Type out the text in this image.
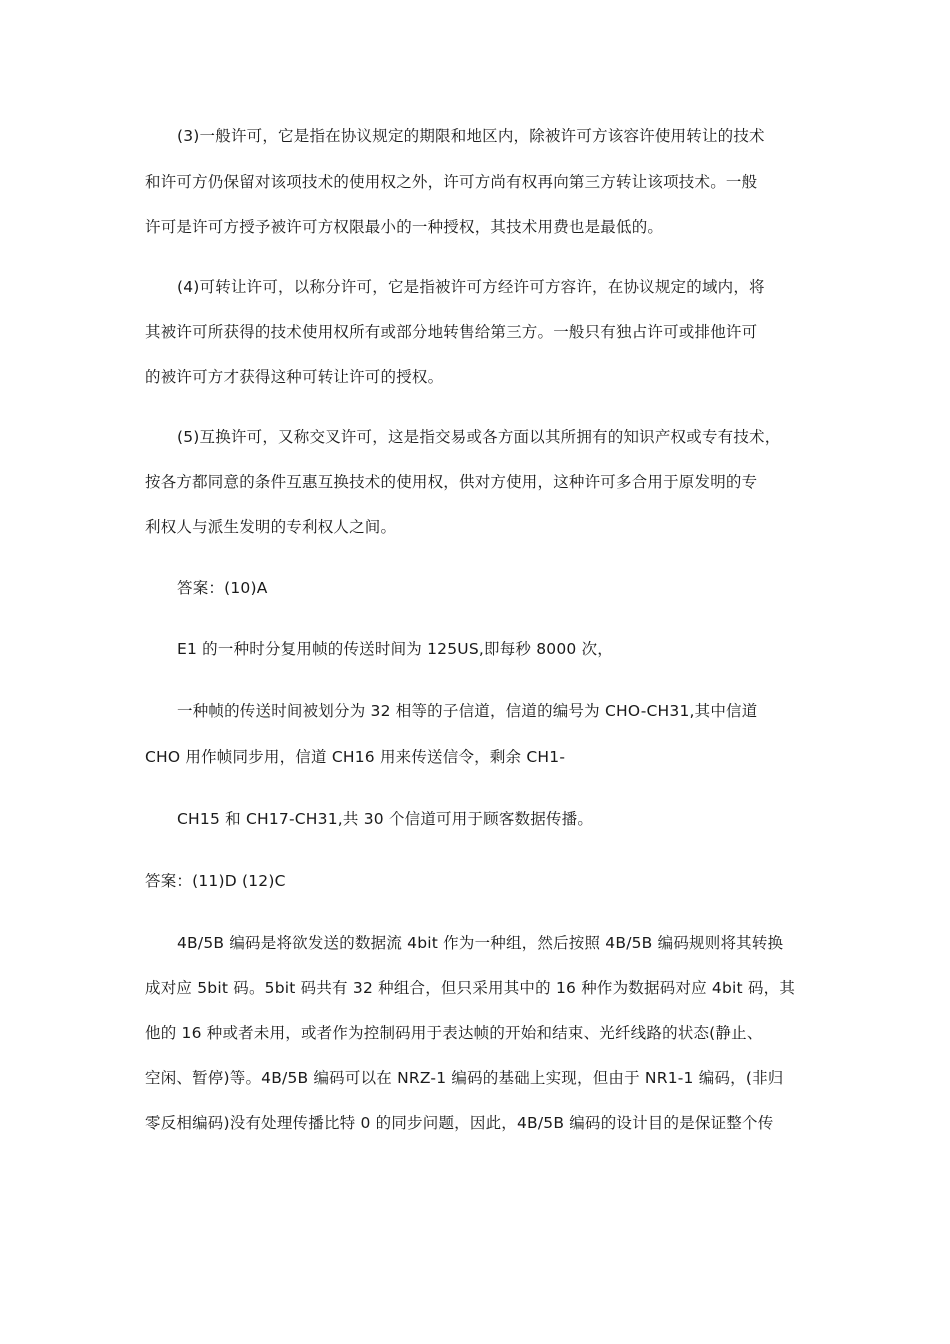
(3)一般许可，它是指在协议规定的期限和地区内，除被许可方该容许使用转让的技术
和许可方仍保留对该项技术的使用权之外，许可方尚有权再向第三方转让该项技术。一般
许可是许可方授予被许可方权限最小的一种授权，其技术用费也是最低的。
(4)可转让许可，以称分许可，它是指被许可方经许可方容许，在协议规定的域内，将
其被许可所获得的技术使用权所有或部分地转售给第三方。一般只有独占许可或排他许可
的被许可方才获得这种可转让许可的授权。
(5)互换许可，又称交叉许可，这是指交易或各方面以其所拥有的知识产权或专有技术，
按各方都同意的条件互惠互换技术的使用权，供对方使用，这种许可多合用于原发明的专
利权人与派生发明的专利权人之间。
答案：(10)A
E1 的一种时分复用帧的传送时间为 125US,即每秒 8000 次，
一种帧的传送时间被划分为 32 相等的子信道，信道的编号为 CHO-CH31,其中信道
CHO 用作帧同步用，信道 CH16 用来传送信令，剩余 CH1-
CH15 和 CH17-CH31,共 30 个信道可用于顾客数据传播。
答案：(11)D (12)C
4B/5B 编码是将欲发送的数据流 4bit 作为一种组，然后按照 4B/5B 编码规则将其转换
成对应 5bit 码。5bit 码共有 32 种组合，但只采用其中的 16 种作为数据码对应 4bit 码，其
他的 16 种或者未用，或者作为控制码用于表达帧的开始和结束、光纤线路的状态(静止、
空闲、暂停)等。4B/5B 编码可以在 NRZ-1 编码的基础上实现，但由于 NR1-1 编码，(非归
零反相编码)没有处理传播比特 0 的同步问题，因此，4B/5B 编码的设计目的是保证整个传
